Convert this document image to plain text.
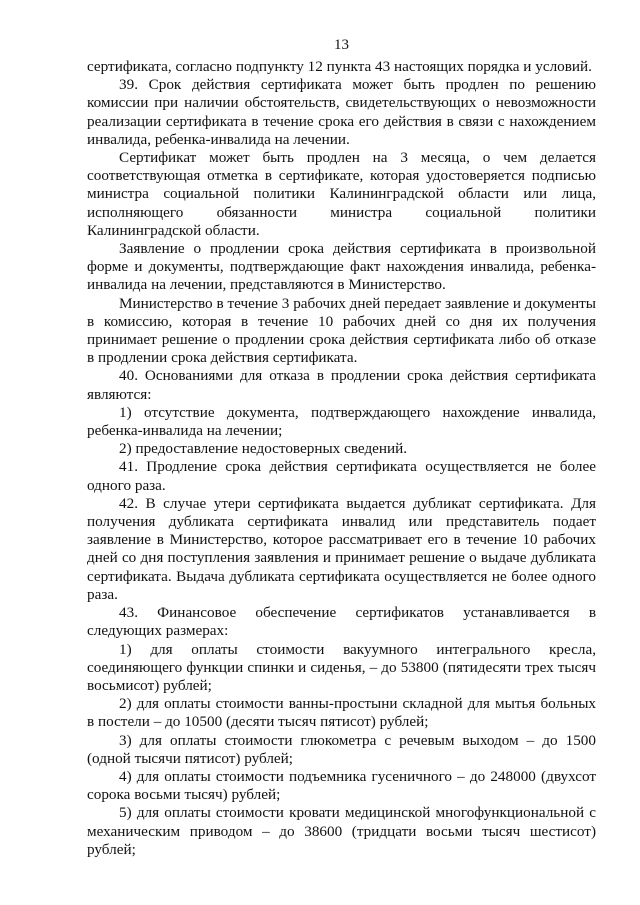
13

сертификата, согласно подпункту 12 пункта 43 настоящих порядка и условий.

39. Срок действия сертификата может быть продлен по решению комиссии при наличии обстоятельств, свидетельствующих о невозможности реализации сертификата в течение срока его действия в связи с нахождением инвалида, ребенка-инвалида на лечении.

Сертификат может быть продлен на 3 месяца, о чем делается соответствующая отметка в сертификате, которая удостоверяется подписью министра социальной политики Калининградской области или лица, исполняющего обязанности министра социальной политики Калининградской области.

Заявление о продлении срока действия сертификата в произвольной форме и документы, подтверждающие факт нахождения инвалида, ребенка-инвалида на лечении, представляются в Министерство.

Министерство в течение 3 рабочих дней передает заявление и документы в комиссию, которая в течение 10 рабочих дней со дня их получения принимает решение о продлении срока действия сертификата либо об отказе в продлении срока действия сертификата.

40. Основаниями для отказа в продлении срока действия сертификата являются:

1) отсутствие документа, подтверждающего нахождение инвалида, ребенка-инвалида на лечении;

2) предоставление недостоверных сведений.

41. Продление срока действия сертификата осуществляется не более одного раза.

42. В случае утери сертификата выдается дубликат сертификата. Для получения дубликата сертификата инвалид или представитель подает заявление в Министерство, которое рассматривает его в течение 10 рабочих дней со дня поступления заявления и принимает решение о выдаче дубликата сертификата. Выдача дубликата сертификата осуществляется не более одного раза.

43. Финансовое обеспечение сертификатов устанавливается в следующих размерах:

1) для оплаты стоимости вакуумного интегрального кресла, соединяющего функции спинки и сиденья, – до 53800 (пятидесяти трех тысяч восьмисот) рублей;

2) для оплаты стоимости ванны-простыни складной для мытья больных в постели – до 10500 (десяти тысяч пятисот) рублей;

3) для оплаты стоимости глюкометра с речевым выходом – до 1500 (одной тысячи пятисот) рублей;

4) для оплаты стоимости подъемника гусеничного – до 248000 (двухсот сорока восьми тысяч) рублей;

5) для оплаты стоимости кровати медицинской многофункциональной с механическим приводом – до 38600 (тридцати восьми тысяч шестисот) рублей;
